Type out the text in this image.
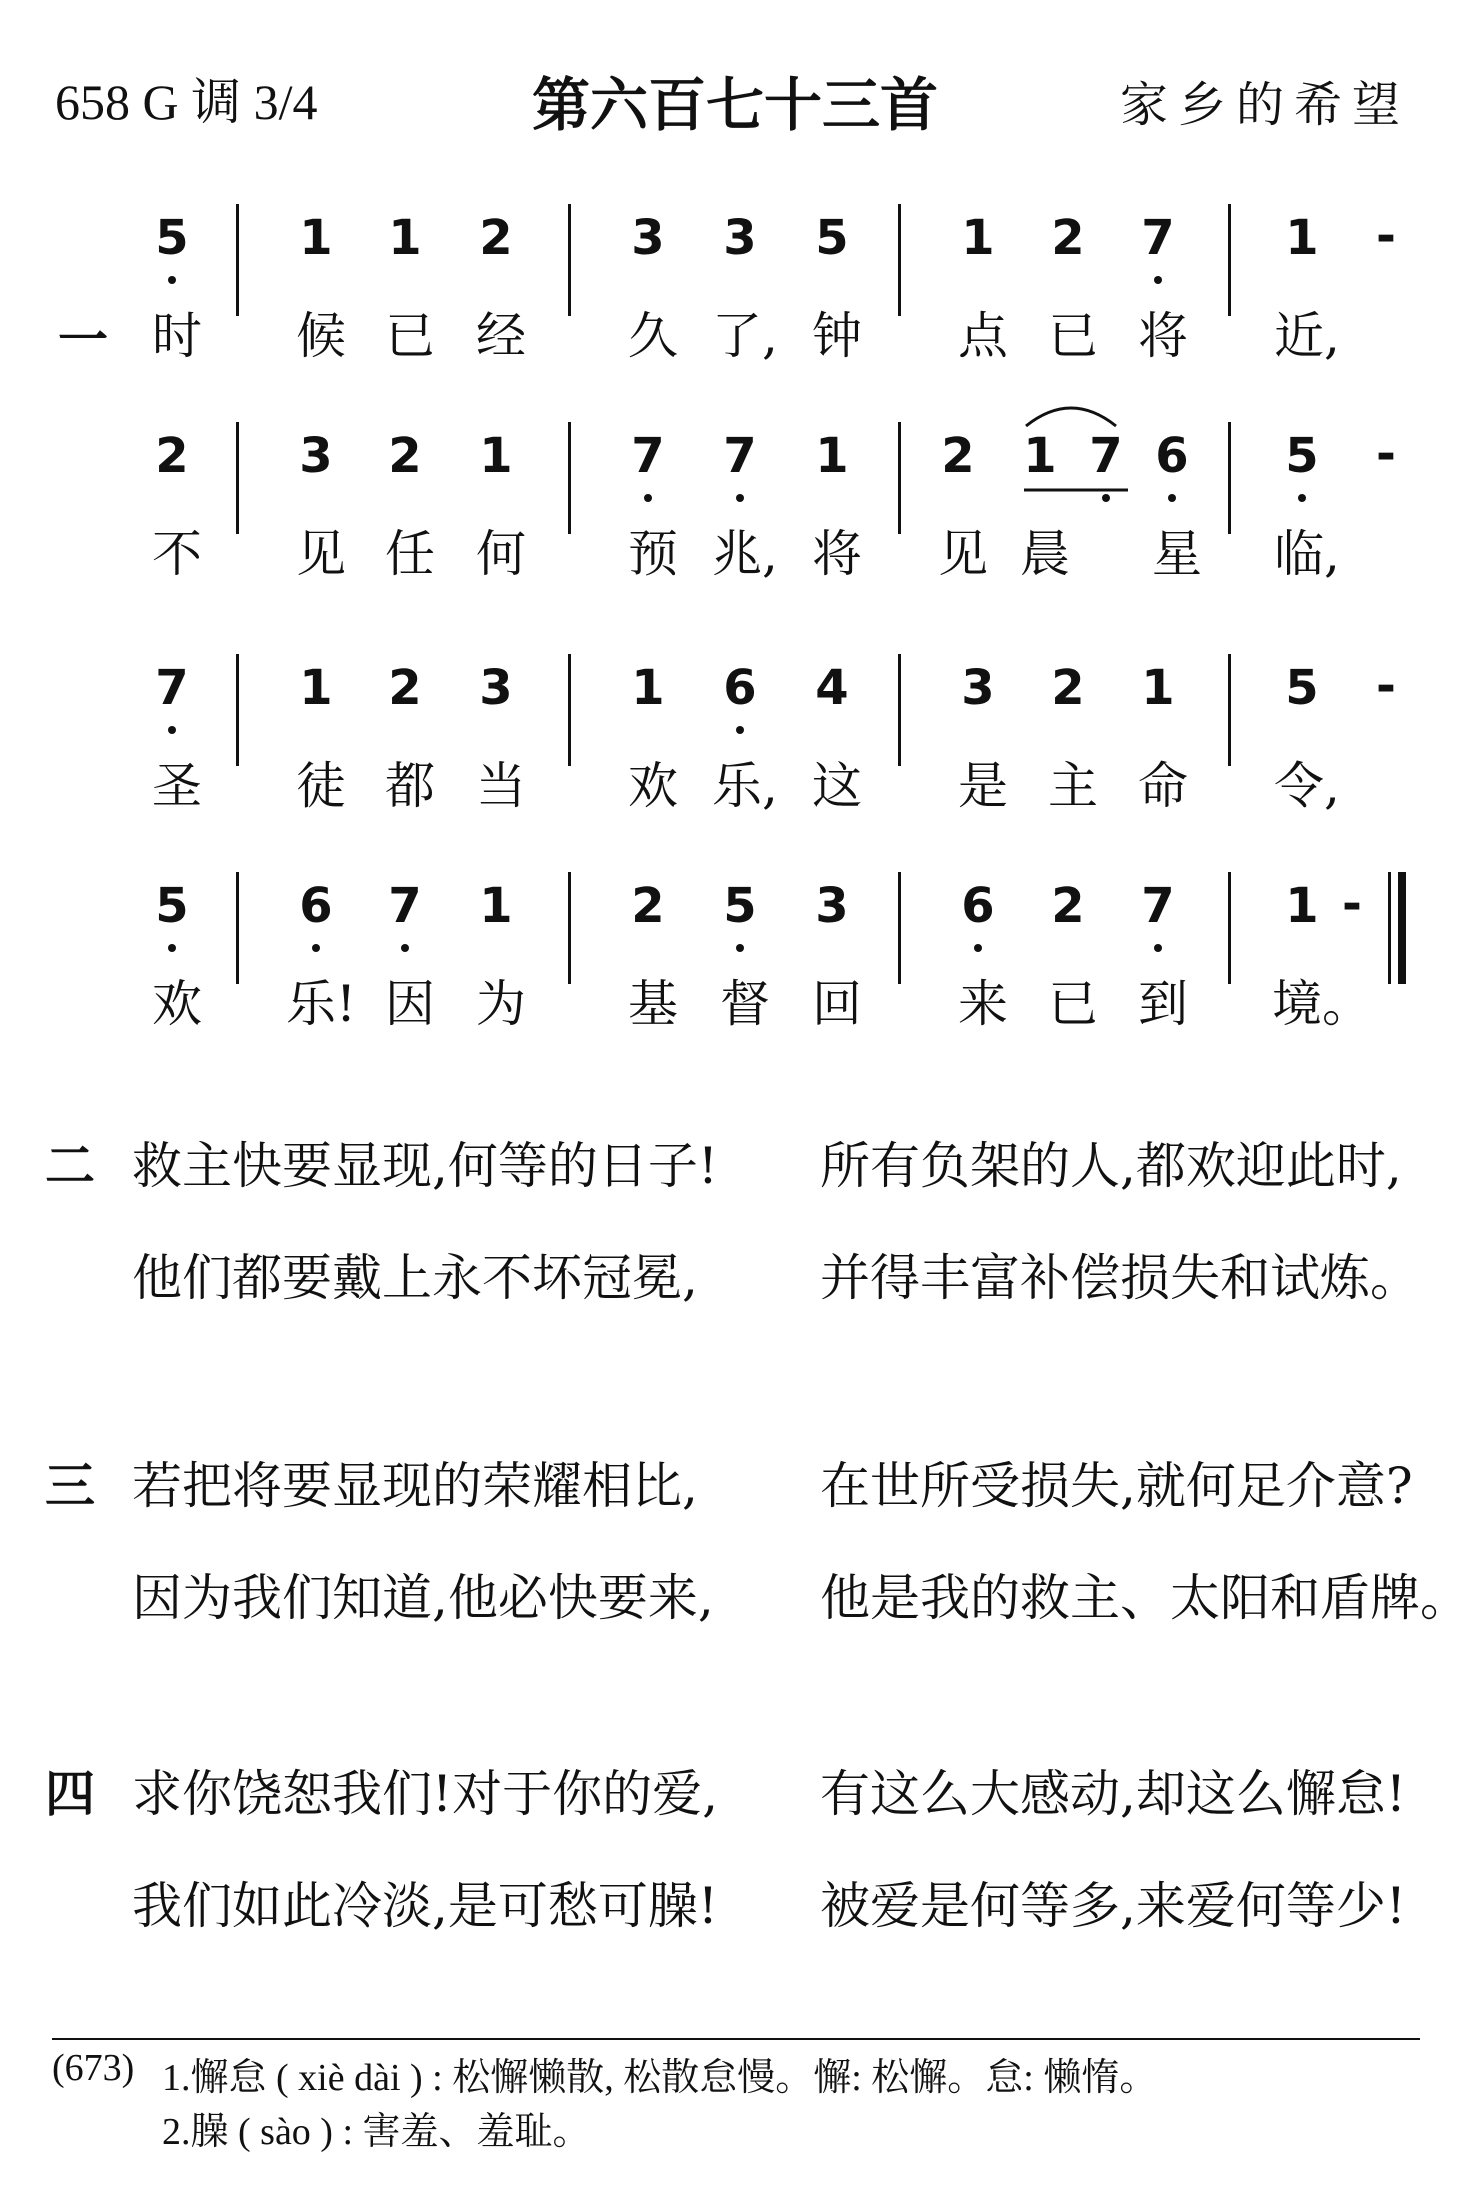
658 G 调 3/4	第六百七十三首	家乡的希望
5 1 1 2 3 3 5 1 2 7 1 -
一 时 候 已 经 久 了, 钟 点 已 将 近,
2 3 2 1 7 7 1 2 1 7 6 5 -
不 见 任 何 预 兆, 将 见 晨 星 临,
7 1 2 3 1 6 4 3 2 1 5 -
圣 徒 都 当 欢 乐, 这 是 主 命 令,
5 6 7 1 2 5 3 6 2 7 1 -
欢 乐! 因 为 基 督 回 来 已 到 境。
二 救主快要显现,何等的日子! 所有负架的人,都欢迎此时,
他们都要戴上永不坏冠冕, 并得丰富补偿损失和试炼。
三 若把将要显现的荣耀相比, 在世所受损失,就何足介意?
因为我们知道,他必快要来, 他是我的救主、太阳和盾牌。
四 求你饶恕我们!对于你的爱, 有这么大感动,却这么懈怠!
我们如此冷淡,是可愁可臊! 被爱是何等多,来爱何等少!
(673) 1.懈怠 ( xiè dài ) : 松懈懒散, 松散怠慢。懈: 松懈。怠: 懒惰。
2.臊 ( sào ) : 害羞、羞耻。
